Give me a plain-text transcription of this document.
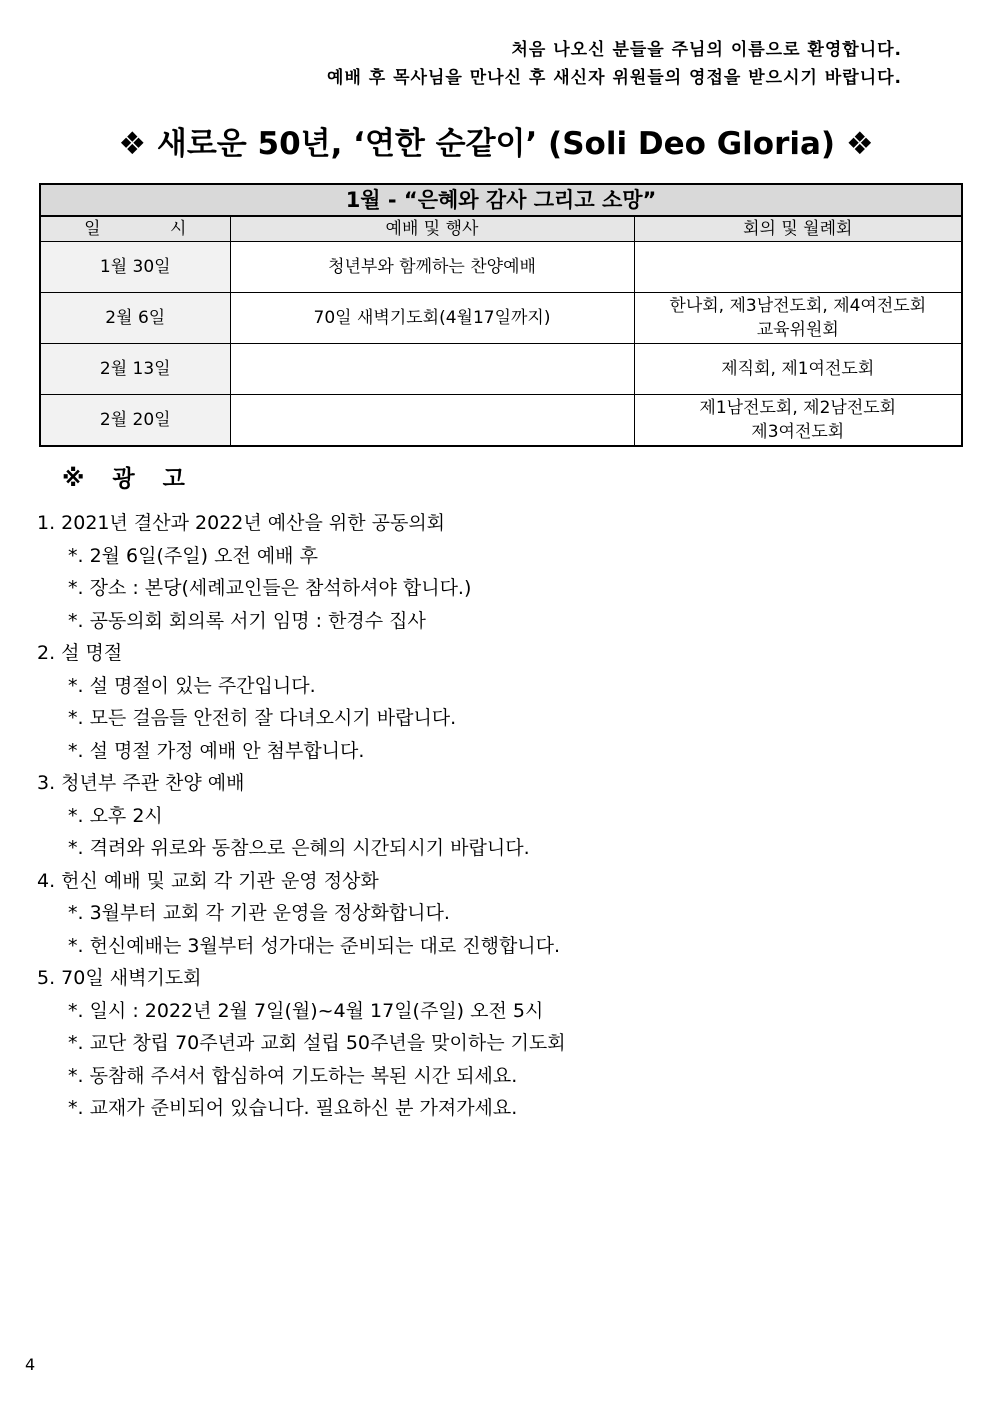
처음 나오신 분들을 주님의 이름으로 환영합니다.
예배 후 목사님을 만나신 후 새신자 위원들의 영접을 받으시기 바랍니다.
❖ 새로운 50년, ‘연한 순같이’ (Soli Deo Gloria) ❖
1월 - “은혜와 감사 그리고 소망”		
일 시	예배 및 행사	회의 및 월례회
1월 30일	청년부와 함께하는 찬양예배	
2월 6일	70일 새벽기도회(4월17일까지)	한나회, 제3남전도회, 제4여전도회
교육위원회

2월 13일		제직회, 제1여전도회
2월 20일		제1남전도회, 제2남전도회
제3여전도회
※ 광 고
1. 2021년 결산과 2022년 예산을 위한 공동의회
*. 2월 6일(주일) 오전 예배 후
*. 장소 : 본당(세례교인들은 참석하셔야 합니다.)
*. 공동의회 회의록 서기 임명 : 한경수 집사
2. 설 명절
*. 설 명절이 있는 주간입니다.
*. 모든 걸음들 안전히 잘 다녀오시기 바랍니다.
*. 설 명절 가정 예배 안 첨부합니다.
3. 청년부 주관 찬양 예배
*. 오후 2시
*. 격려와 위로와 동참으로 은혜의 시간되시기 바랍니다.
4. 헌신 예배 및 교회 각 기관 운영 정상화
*. 3월부터 교회 각 기관 운영을 정상화합니다.
*. 헌신예배는 3월부터 성가대는 준비되는 대로 진행합니다.
5. 70일 새벽기도회
*. 일시 : 2022년 2월 7일(월)~4월 17일(주일) 오전 5시
*. 교단 창립 70주년과 교회 설립 50주년을 맞이하는 기도회
*. 동참해 주셔서 합심하여 기도하는 복된 시간 되세요.
*. 교재가 준비되어 있습니다. 필요하신 분 가져가세요.
4
